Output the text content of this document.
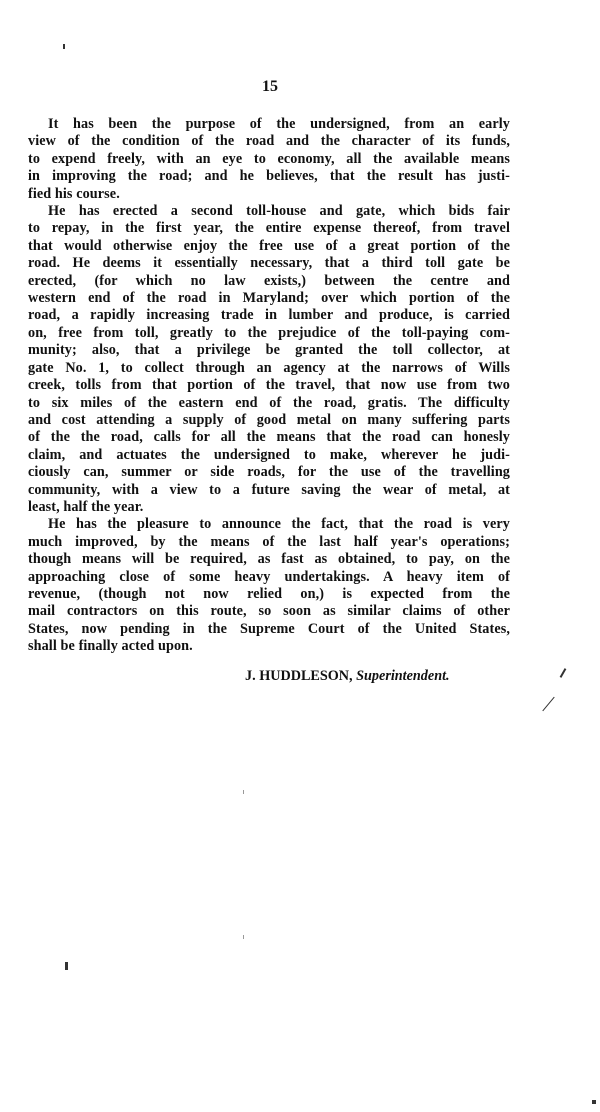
15

It has been the purpose of the undersigned, from an early
view of the condition of the road and the character of its funds,
to expend freely, with an eye to economy, all the available means
in improving the road; and he believes, that the result has justi-
fied his course.

He has erected a second toll-house and gate, which bids fair
to repay, in the first year, the entire expense thereof, from travel
that would otherwise enjoy the free use of a great portion of the
road. He deems it essentially necessary, that a third toll gate be
erected, (for which no law exists,) between the centre and
western end of the road in Maryland; over which portion of the
road, a rapidly increasing trade in lumber and produce, is carried
on, free from toll, greatly to the prejudice of the toll-paying com-
munity; also, that a privilege be granted the toll collector, at
gate No. 1, to collect through an agency at the narrows of Wills
creek, tolls from that portion of the travel, that now use from two
to six miles of the eastern end of the road, gratis. The difficulty
and cost attending a supply of good metal on many suffering parts
of the the road, calls for all the means that the road can honesly
claim, and actuates the undersigned to make, wherever he judi-
ciously can, summer or side roads, for the use of the travelling
community, with a view to a future saving the wear of metal, at
least, half the year.

He has the pleasure to announce the fact, that the road is very
much improved, by the means of the last half year's operations;
though means will be required, as fast as obtained, to pay, on the
approaching close of some heavy undertakings. A heavy item of
revenue, (though not now relied on,) is expected from the
mail contractors on this route, so soon as similar claims of other
States, now pending in the Supreme Court of the United States,
shall be finally acted upon.

J. HUDDLESON, Superintendent.
